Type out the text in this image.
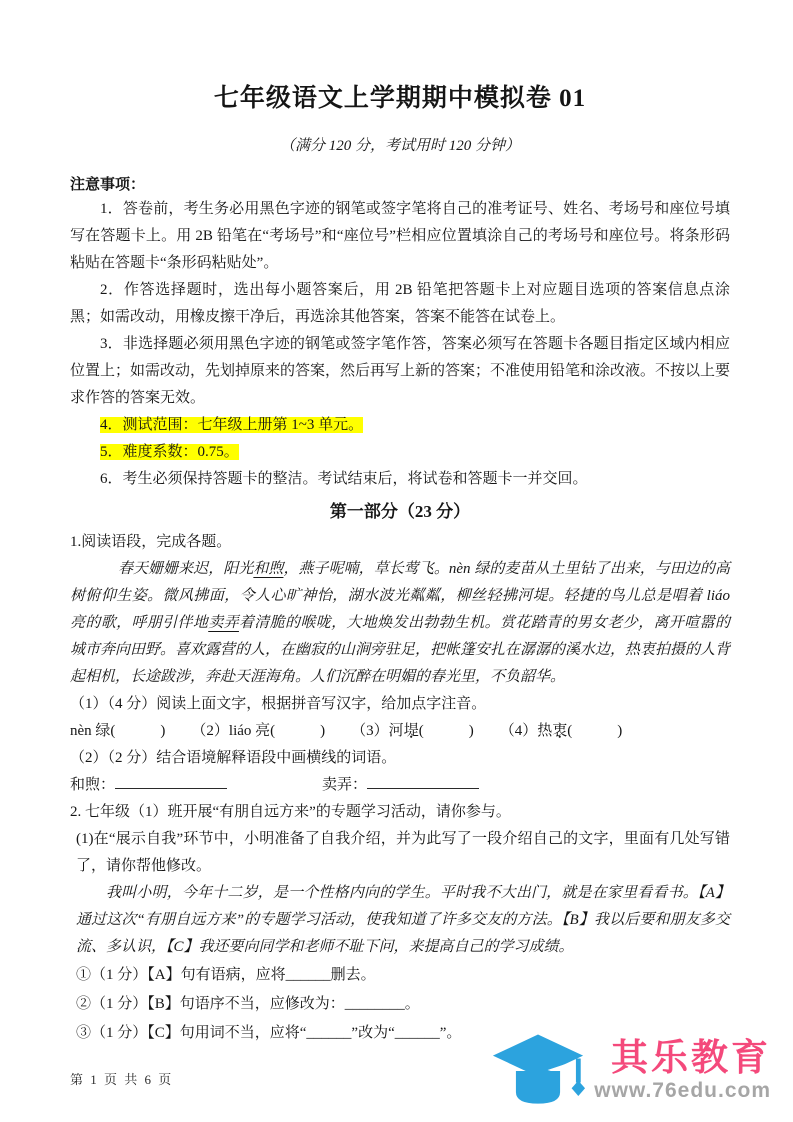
七年级语文上学期期中模拟卷 01
（满分 120 分，考试用时 120 分钟）
注意事项：

1．答卷前，考生务必用黑色字迹的钢笔或签字笔将自己的准考证号、姓名、考场号和座位号填写在答题卡上。用 2B 铅笔在“考场号”和“座位号”栏相应位置填涂自己的考场号和座位号。将条形码粘贴在答题卡“条形码粘贴处”。

2．作答选择题时，选出每小题答案后，用 2B 铅笔把答题卡上对应题目选项的答案信息点涂黑；如需改动，用橡皮擦干净后，再选涂其他答案，答案不能答在试卷上。

3．非选择题必须用黑色字迹的钢笔或签字笔作答，答案必须写在答题卡各题目指定区域内相应位置上；如需改动，先划掉原来的答案，然后再写上新的答案；不准使用铅笔和涂改液。不按以上要求作答的答案无效。

4．测试范围：七年级上册第 1~3 单元。

5．难度系数：0.75。

6．考生必须保持答题卡的整洁。考试结束后，将试卷和答题卡一并交回。

第一部分（23 分）

1.阅读语段，完成各题。

春天姗姗来迟，阳光和煦，燕子呢喃，草长莺飞。nèn 绿的麦苗从土里钻了出来，与田边的高树俯仰生姿。微风拂面，令人心旷神怡，湖水波光粼粼，柳丝轻拂河堤。轻捷的鸟儿总是唱着 liáo 亮的歌，呼朋引伴地卖弄着清脆的喉咙，大地焕发出勃勃生机。赏花踏青的男女老少，离开喧嚣的城市奔向田野。喜欢露营的人，在幽寂的山涧旁驻足，把帐篷安扎在潺潺的溪水边，热衷拍摄的人背起相机，长途跋涉，奔赴天涯海角。人们沉醉在明媚的春光里，不负韶华。

（1）（4 分）阅读上面文字，根据拼音写汉字，给加点字注音。

nèn 绿(　　　) （2）liáo 亮(　　　) （3）河堤 •(　　　) （4）热衷 •(　　　)

（2）（2 分）结合语境解释语段中画横线的词语。

和煦：	卖弄：

2. 七年级（1）班开展“有朋自远方来”的专题学习活动，请你参与。

(1)在“展示自我”环节中，小明准备了自我介绍，并为此写了一段介绍自己的文字，里面有几处写错了，请你帮他修改。

我叫小明，今年十二岁，是一个性格内向的学生。平时我不大出门，就是在家里看看书。【A】通过这次“有朋自远方来”的专题学习活动，使我知道了许多交友的方法。【B】我以后要和朋友多交流、多认识，【C】我还要向同学和老师不耻下问，来提高自己的学习成绩。

①（1 分）【A】句有语病，应将______删去。

②（1 分）【B】句语序不当，应修改为：________。

③（1 分）【C】句用词不当，应将“______”改为“______”。

第 1 页 共 6 页
其乐教育
www.76edu.com
